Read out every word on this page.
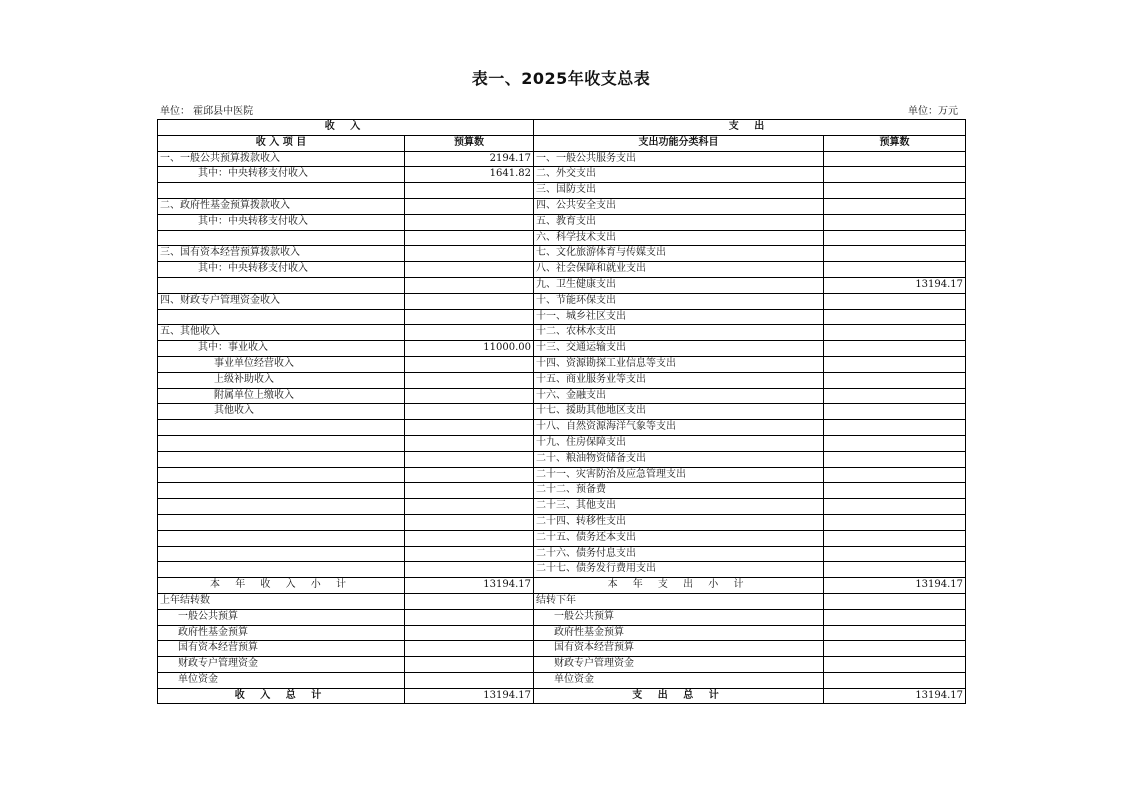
表一、2025年收支总表
单位： 霍邱县中医院	单位：万元
收 入		支 出	
收 入 项 目	预算数	支出功能分类科目	预算数
一、一般公共预算拨款收入	2194.17	一、一般公共服务支出	
其中：中央转移支付收入	1641.82	二、外交支出	
		三、国防支出	
二、政府性基金预算拨款收入		四、公共安全支出	
其中：中央转移支付收入		五、教育支出	
		六、科学技术支出	
三、国有资本经营预算拨款收入		七、文化旅游体育与传媒支出	
其中：中央转移支付收入		八、社会保障和就业支出	
		九、卫生健康支出	13194.17
四、财政专户管理资金收入		十、节能环保支出	
		十一、城乡社区支出	
五、其他收入		十二、农林水支出	
其中：事业收入	11000.00	十三、交通运输支出	
事业单位经营收入		十四、资源勘探工业信息等支出	
上级补助收入		十五、商业服务业等支出	
附属单位上缴收入		十六、金融支出	
其他收入		十七、援助其他地区支出	
		十八、自然资源海洋气象等支出	
		十九、住房保障支出	
		二十、粮油物资储备支出	
		二十一、灾害防治及应急管理支出	
		二十二、预备费	
		二十三、其他支出	
		二十四、转移性支出	
		二十五、债务还本支出	
		二十六、债务付息支出	
		二十七、债务发行费用支出	
本 年 收 入 小 计	13194.17	本 年 支 出 小 计	13194.17
上年结转数		结转下年	
一般公共预算		一般公共预算	
政府性基金预算		政府性基金预算	
国有资本经营预算		国有资本经营预算	
财政专户管理资金		财政专户管理资金	
单位资金		单位资金	
收 入 总 计	13194.17	支 出 总 计	13194.17
